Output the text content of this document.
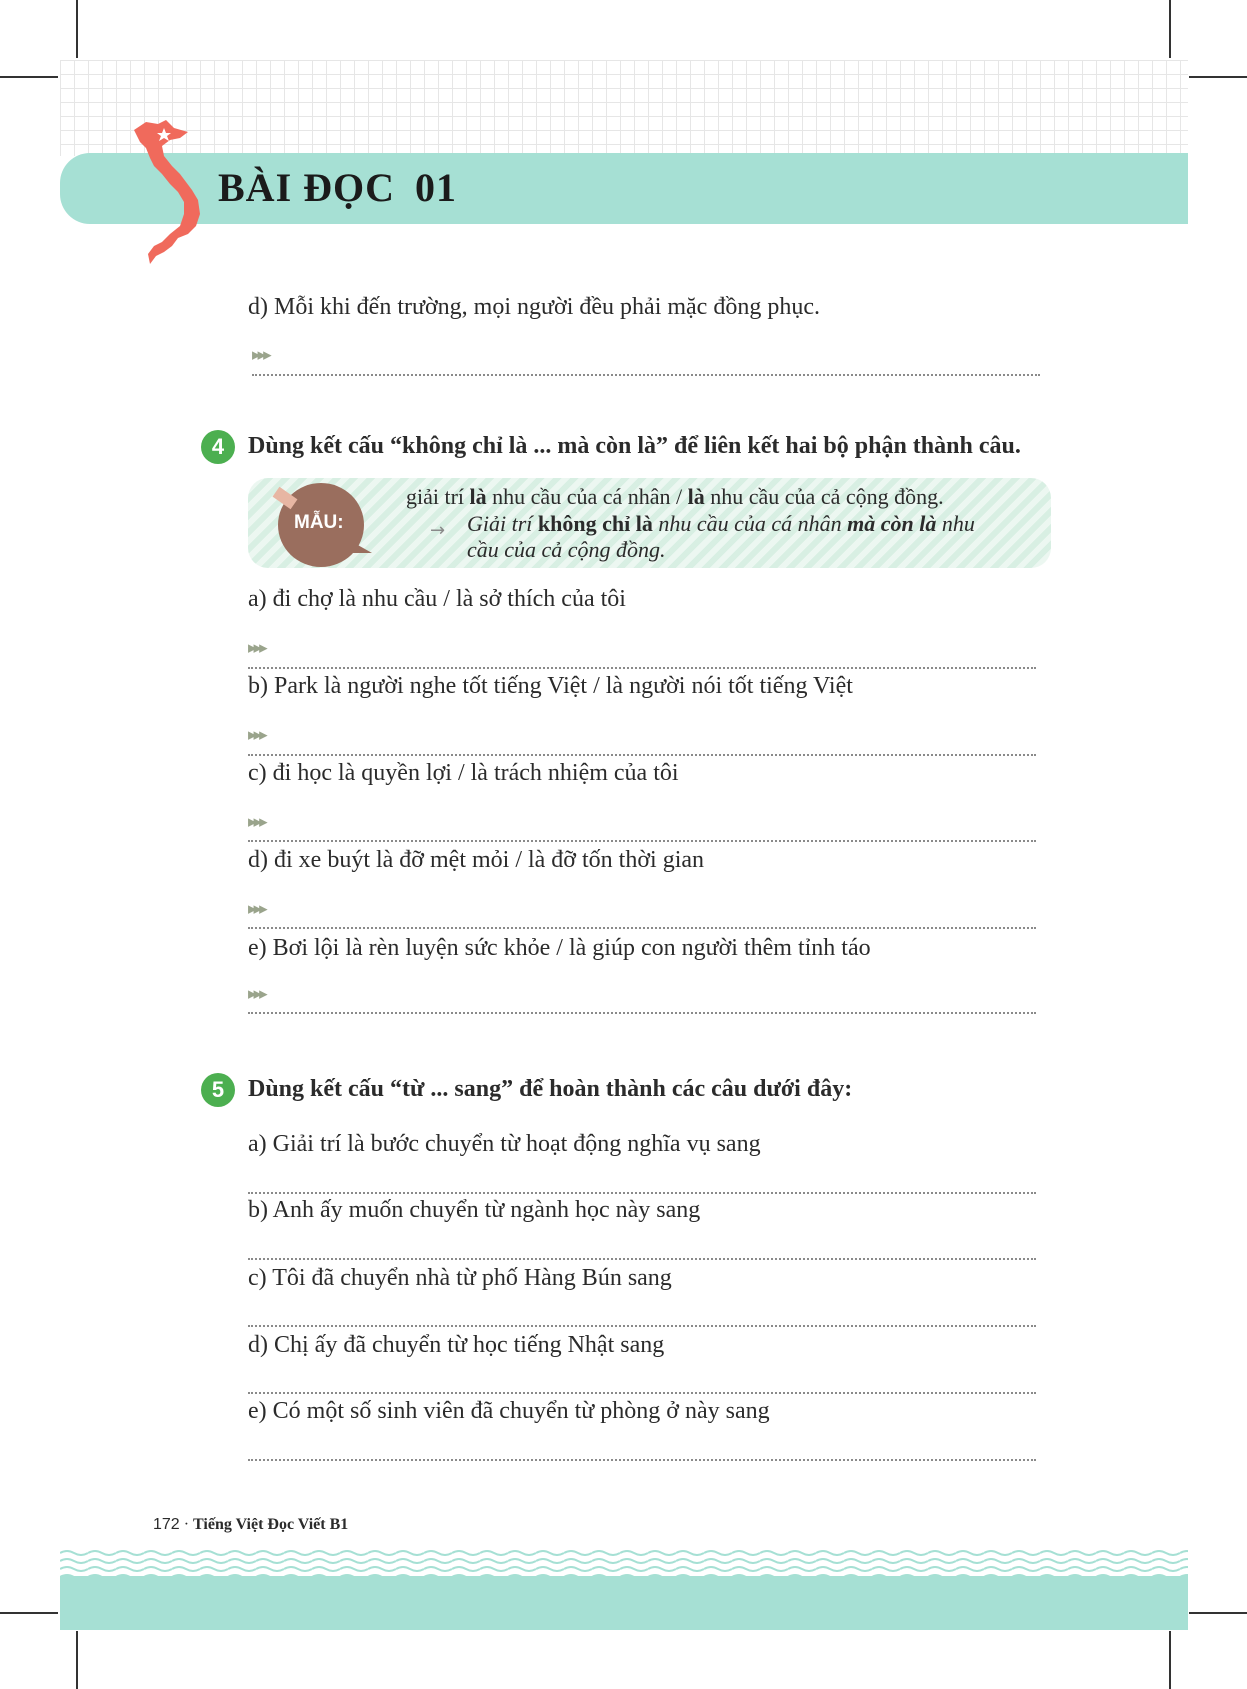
BÀI ĐỌC 01
d) Mỗi khi đến trường, mọi người đều phải mặc đồng phục.
▸▸▸
4 Dùng kết cấu “không chỉ là ... mà còn là” để liên kết hai bộ phận thành câu.
MẪU:
giải trí là nhu cầu của cá nhân / là nhu cầu của cả cộng đồng.
→ Giải trí không chỉ là nhu cầu của cá nhân mà còn là nhu
cầu của cả cộng đồng.
a) đi chợ là nhu cầu / là sở thích của tôi
▸▸▸
b) Park là người nghe tốt tiếng Việt / là người nói tốt tiếng Việt
▸▸▸
c) đi học là quyền lợi / là trách nhiệm của tôi
▸▸▸
d) đi xe buýt là đỡ mệt mỏi / là đỡ tốn thời gian
▸▸▸
e) Bơi lội là rèn luyện sức khỏe / là giúp con người thêm tỉnh táo
▸▸▸
5 Dùng kết cấu “từ ... sang” để hoàn thành các câu dưới đây:
a) Giải trí là bước chuyển từ hoạt động nghĩa vụ sang
b) Anh ấy muốn chuyển từ ngành học này sang
c) Tôi đã chuyển nhà từ phố Hàng Bún sang
d) Chị ấy đã chuyển từ học tiếng Nhật sang
e) Có một số sinh viên đã chuyển từ phòng ở này sang
172 · Tiếng Việt Đọc Viết B1
